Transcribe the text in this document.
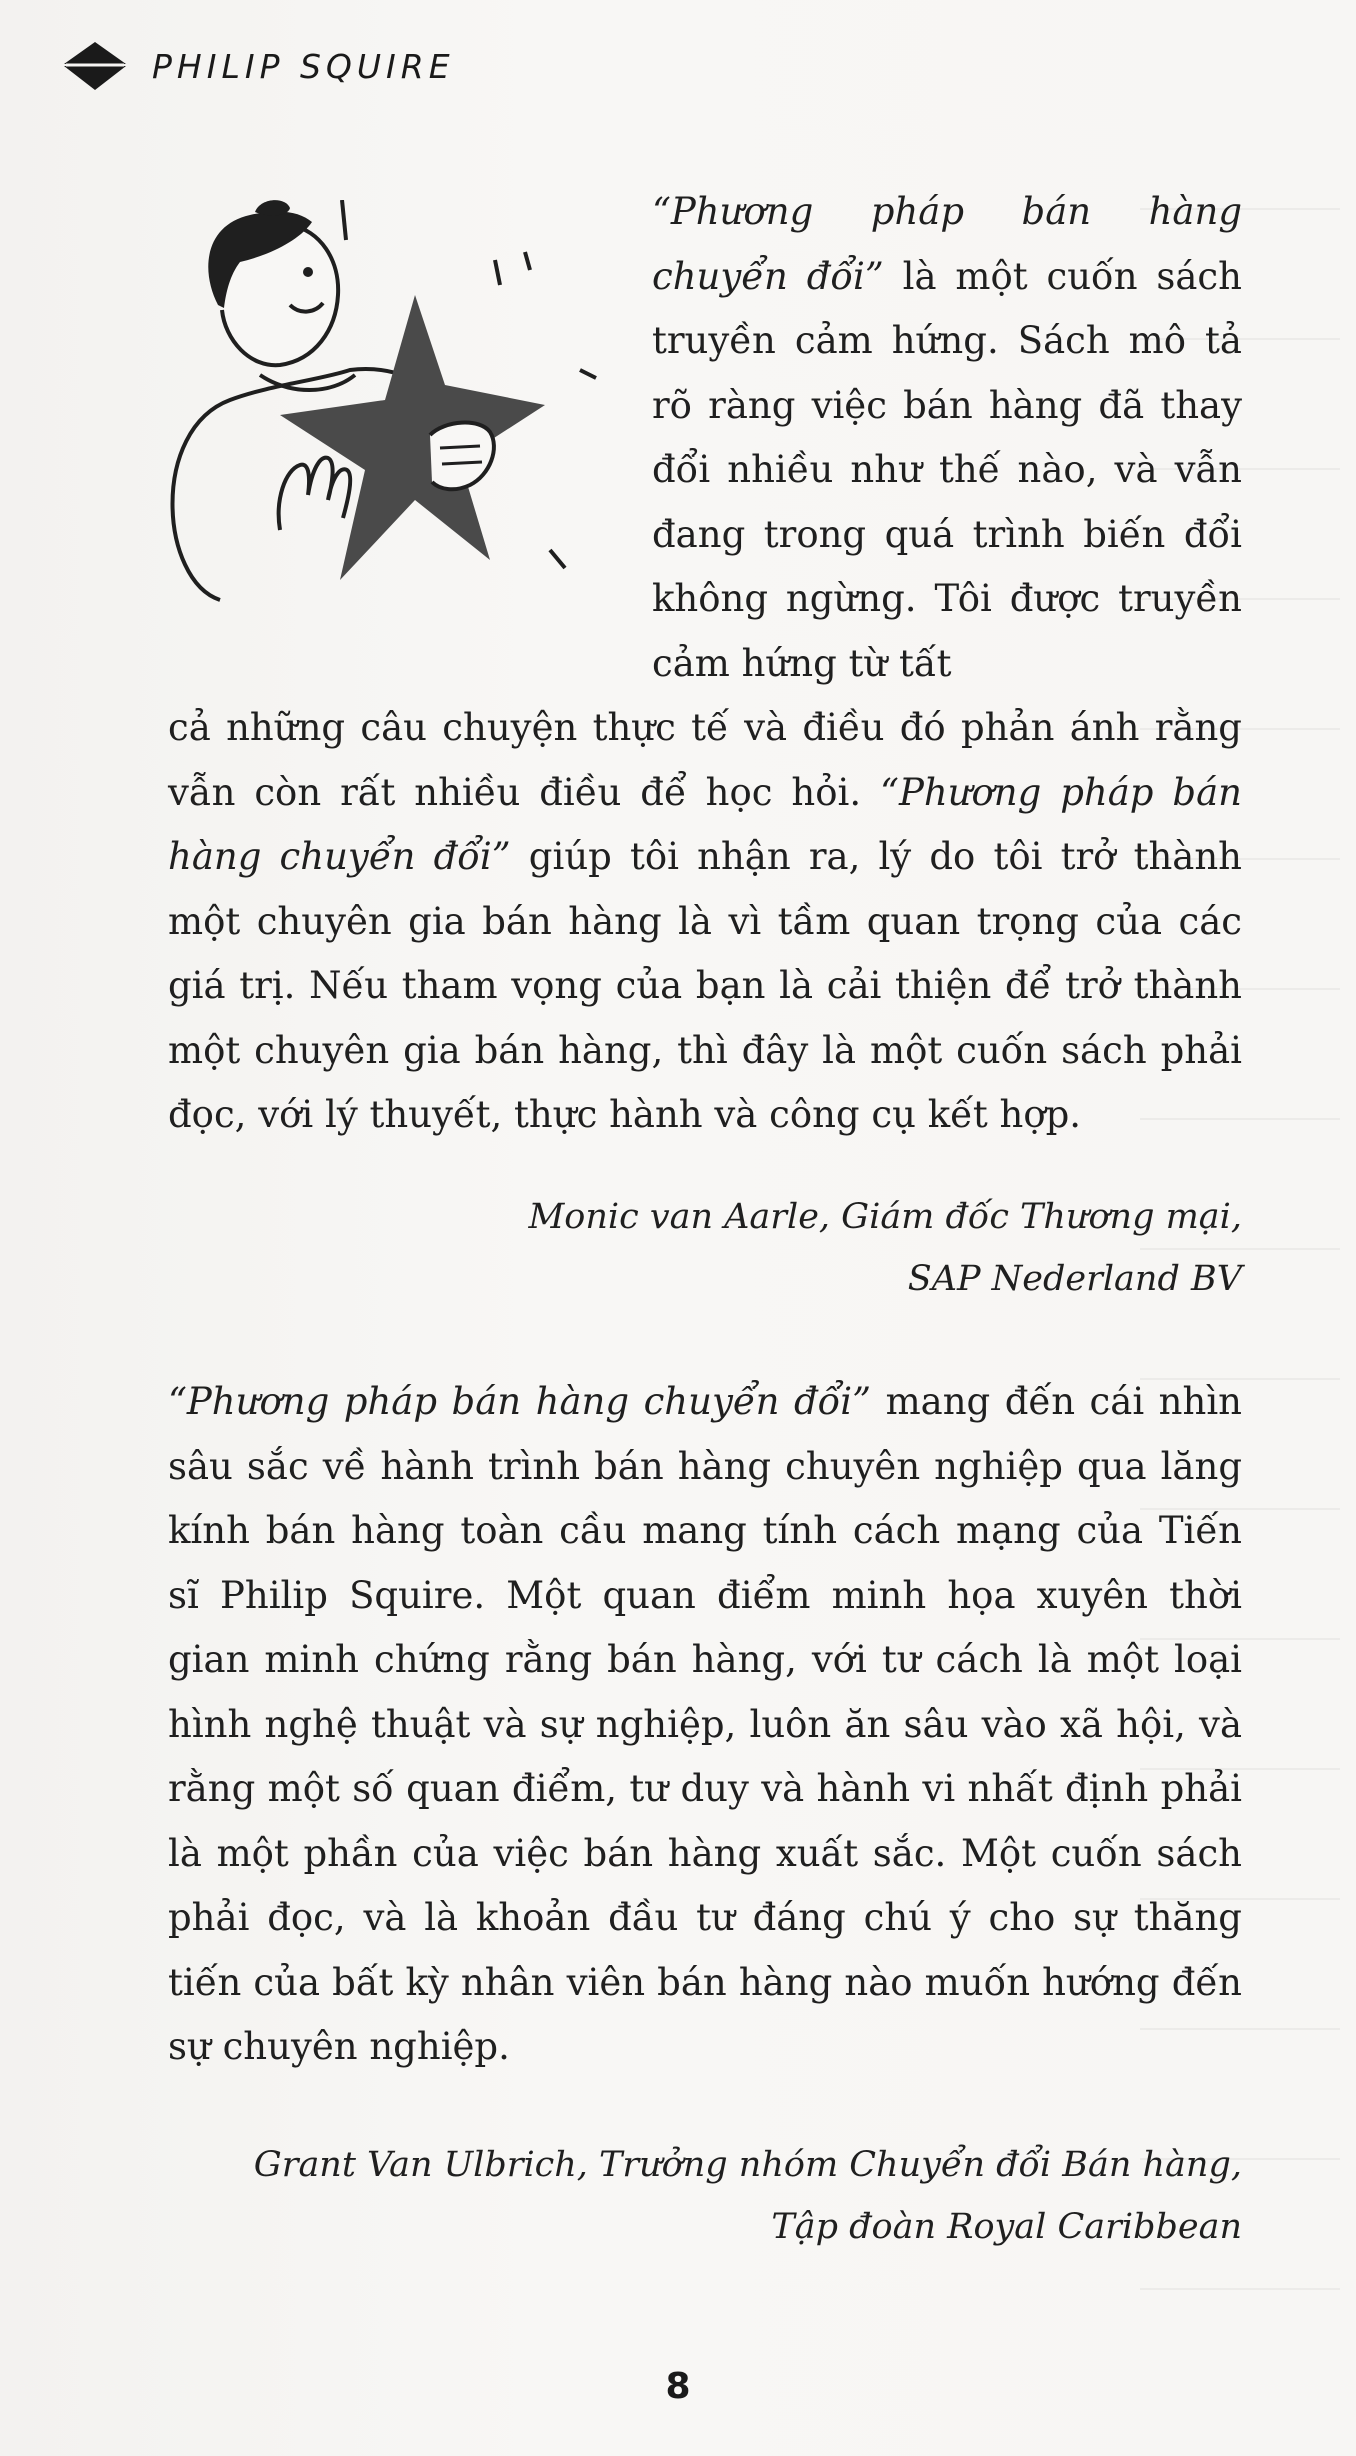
PHILIP SQUIRE

“Phương pháp bán hàng chuyển đổi” là một cuốn sách truyền cảm hứng. Sách mô tả rõ ràng việc bán hàng đã thay đổi nhiều như thế nào, và vẫn đang trong quá trình biến đổi không ngừng. Tôi được truyền cảm hứng từ tất

cả những câu chuyện thực tế và điều đó phản ánh rằng vẫn còn rất nhiều điều để học hỏi. “Phương pháp bán hàng chuyển đổi” giúp tôi nhận ra, lý do tôi trở thành một chuyên gia bán hàng là vì tầm quan trọng của các giá trị. Nếu tham vọng của bạn là cải thiện để trở thành một chuyên gia bán hàng, thì đây là một cuốn sách phải đọc, với lý thuyết, thực hành và công cụ kết hợp.

Monic van Aarle, Giám đốc Thương mại,
SAP Nederland BV

“Phương pháp bán hàng chuyển đổi” mang đến cái nhìn sâu sắc về hành trình bán hàng chuyên nghiệp qua lăng kính bán hàng toàn cầu mang tính cách mạng của Tiến sĩ Philip Squire. Một quan điểm minh họa xuyên thời gian minh chứng rằng bán hàng, với tư cách là một loại hình nghệ thuật và sự nghiệp, luôn ăn sâu vào xã hội, và rằng một số quan điểm, tư duy và hành vi nhất định phải là một phần của việc bán hàng xuất sắc. Một cuốn sách phải đọc, và là khoản đầu tư đáng chú ý cho sự thăng tiến của bất kỳ nhân viên bán hàng nào muốn hướng đến sự chuyên nghiệp.

Grant Van Ulbrich, Trưởng nhóm Chuyển đổi Bán hàng,
Tập đoàn Royal Caribbean

8
